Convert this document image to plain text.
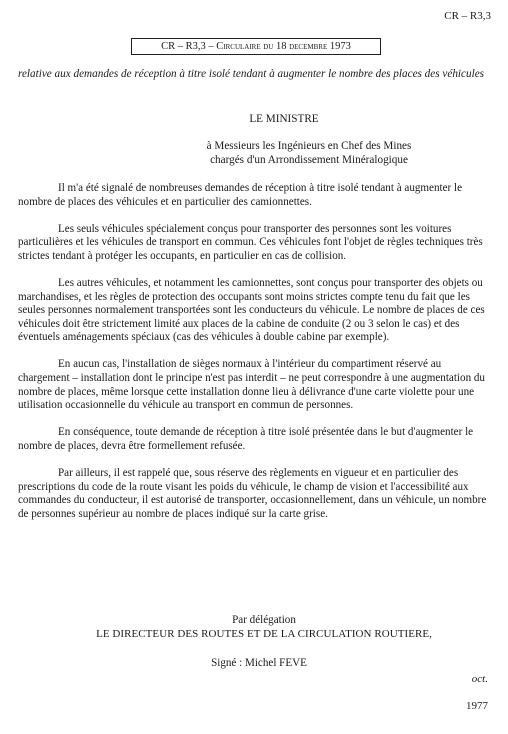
CR – R3,3
CR – R3,3 – Circulaire du 18 decembre 1973
relative aux demandes de réception à titre isolé tendant à augmenter le nombre des places des véhicules
LE MINISTRE
à Messieurs les Ingénieurs en Chef des Mines
chargés d'un Arrondissement Minéralogique

Il m'a été signalé de nombreuses demandes de réception à titre isolé tendant à augmenter le nombre de places des véhicules et en particulier des camionnettes.

Les seuls véhicules spécialement conçus pour transporter des personnes sont les voitures particulières et les véhicules de transport en commun. Ces véhicules font l'objet de règles techniques très strictes tendant à protéger les occupants, en particulier en cas de collision.

Les autres véhicules, et notamment les camionnettes, sont conçus pour transporter des objets ou marchandises, et les règles de protection des occupants sont moins strictes compte tenu du fait que les seules personnes normalement transportées sont les conducteurs du véhicule. Le nombre de places de ces véhicules doit être strictement limité aux places de la cabine de conduite (2 ou 3 selon le cas) et des éventuels aménagements spéciaux (cas des véhicules à double cabine par exemple).

En aucun cas, l'installation de sièges normaux à l'intérieur du compartiment réservé au chargement – installation dont le principe n'est pas interdit – ne peut correspondre à une augmentation du nombre de places, même lorsque cette installation donne lieu à délivrance d'une carte violette pour une utilisation occasionnelle du véhicule au transport en commun de personnes.

En conséquence, toute demande de réception à titre isolé présentée dans le but d'augmenter le nombre de places, devra être formellement refusée.

Par ailleurs, il est rappelé que, sous réserve des règlements en vigueur et en particulier des prescriptions du code de la route visant les poids du véhicule, le champ de vision et l'accessibilité aux commandes du conducteur, il est autorisé de transporter, occasionnellement, dans un véhicule, un nombre de personnes supérieur au nombre de places indiqué sur la carte grise.

Par délégation
LE DIRECTEUR DES ROUTES ET DE LA CIRCULATION ROUTIERE,
Signé : Michel FEVE
oct.
1977
